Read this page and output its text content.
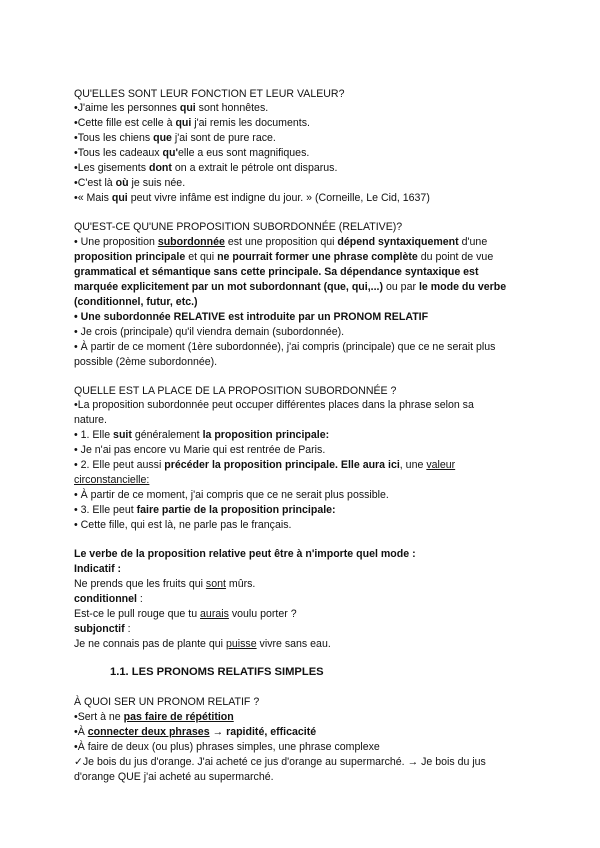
QU'ELLES SONT LEUR FONCTION ET LEUR VALEUR?
•J'aime les personnes qui sont honnêtes.
•Cette fille est celle à qui j'ai remis les documents.
•Tous les chiens que j'ai sont de pure race.
•Tous les cadeaux qu'elle a eus sont magnifiques.
•Les gisements dont on a extrait le pétrole ont disparus.
•C'est là où je suis née.
•« Mais qui peut vivre infâme est indigne du jour. » (Corneille, Le Cid, 1637)
QU'EST-CE QU'UNE PROPOSITION SUBORDONNÉE (RELATIVE)?
• Une proposition subordonnée est une proposition qui dépend syntaxiquement d'une
proposition principale et qui ne pourrait former une phrase complète du point de vue
grammatical et sémantique sans cette principale. Sa dépendance syntaxique est
marquée explicitement par un mot subordonnant (que, qui,...) ou par le mode du verbe
(conditionnel, futur, etc.)
• Une subordonnée RELATIVE est introduite par un PRONOM RELATIF
• Je crois (principale) qu'il viendra demain (subordonnée).
• À partir de ce moment (1ère subordonnée), j'ai compris (principale) que ce ne serait plus
possible (2ème subordonnée).
QUELLE EST LA PLACE DE LA PROPOSITION SUBORDONNÉE ?
•La proposition subordonnée peut occuper différentes places dans la phrase selon sa
nature.
• 1. Elle suit généralement la proposition principale:
• Je n'ai pas encore vu Marie qui est rentrée de Paris.
• 2. Elle peut aussi précéder la proposition principale. Elle aura ici, une valeur
circonstancielle:
• À partir de ce moment, j'ai compris que ce ne serait plus possible.
• 3. Elle peut faire partie de la proposition principale:
• Cette fille, qui est là, ne parle pas le français.
Le verbe de la proposition relative peut être à n'importe quel mode :
Indicatif :
Ne prends que les fruits qui sont mûrs.
conditionnel :
Est-ce le pull rouge que tu aurais voulu porter ?
subjonctif :
Je ne connais pas de plante qui puisse vivre sans eau.
1.1. LES PRONOMS RELATIFS SIMPLES
À QUOI SER UN PRONOM RELATIF ?
•Sert à ne pas faire de répétition
•À connecter deux phrases → rapidité, efficacité
•À faire de deux (ou plus) phrases simples, une phrase complexe
✓Je bois du jus d'orange. J'ai acheté ce jus d'orange au supermarché. → Je bois du jus
d'orange QUE j'ai acheté au supermarché.
